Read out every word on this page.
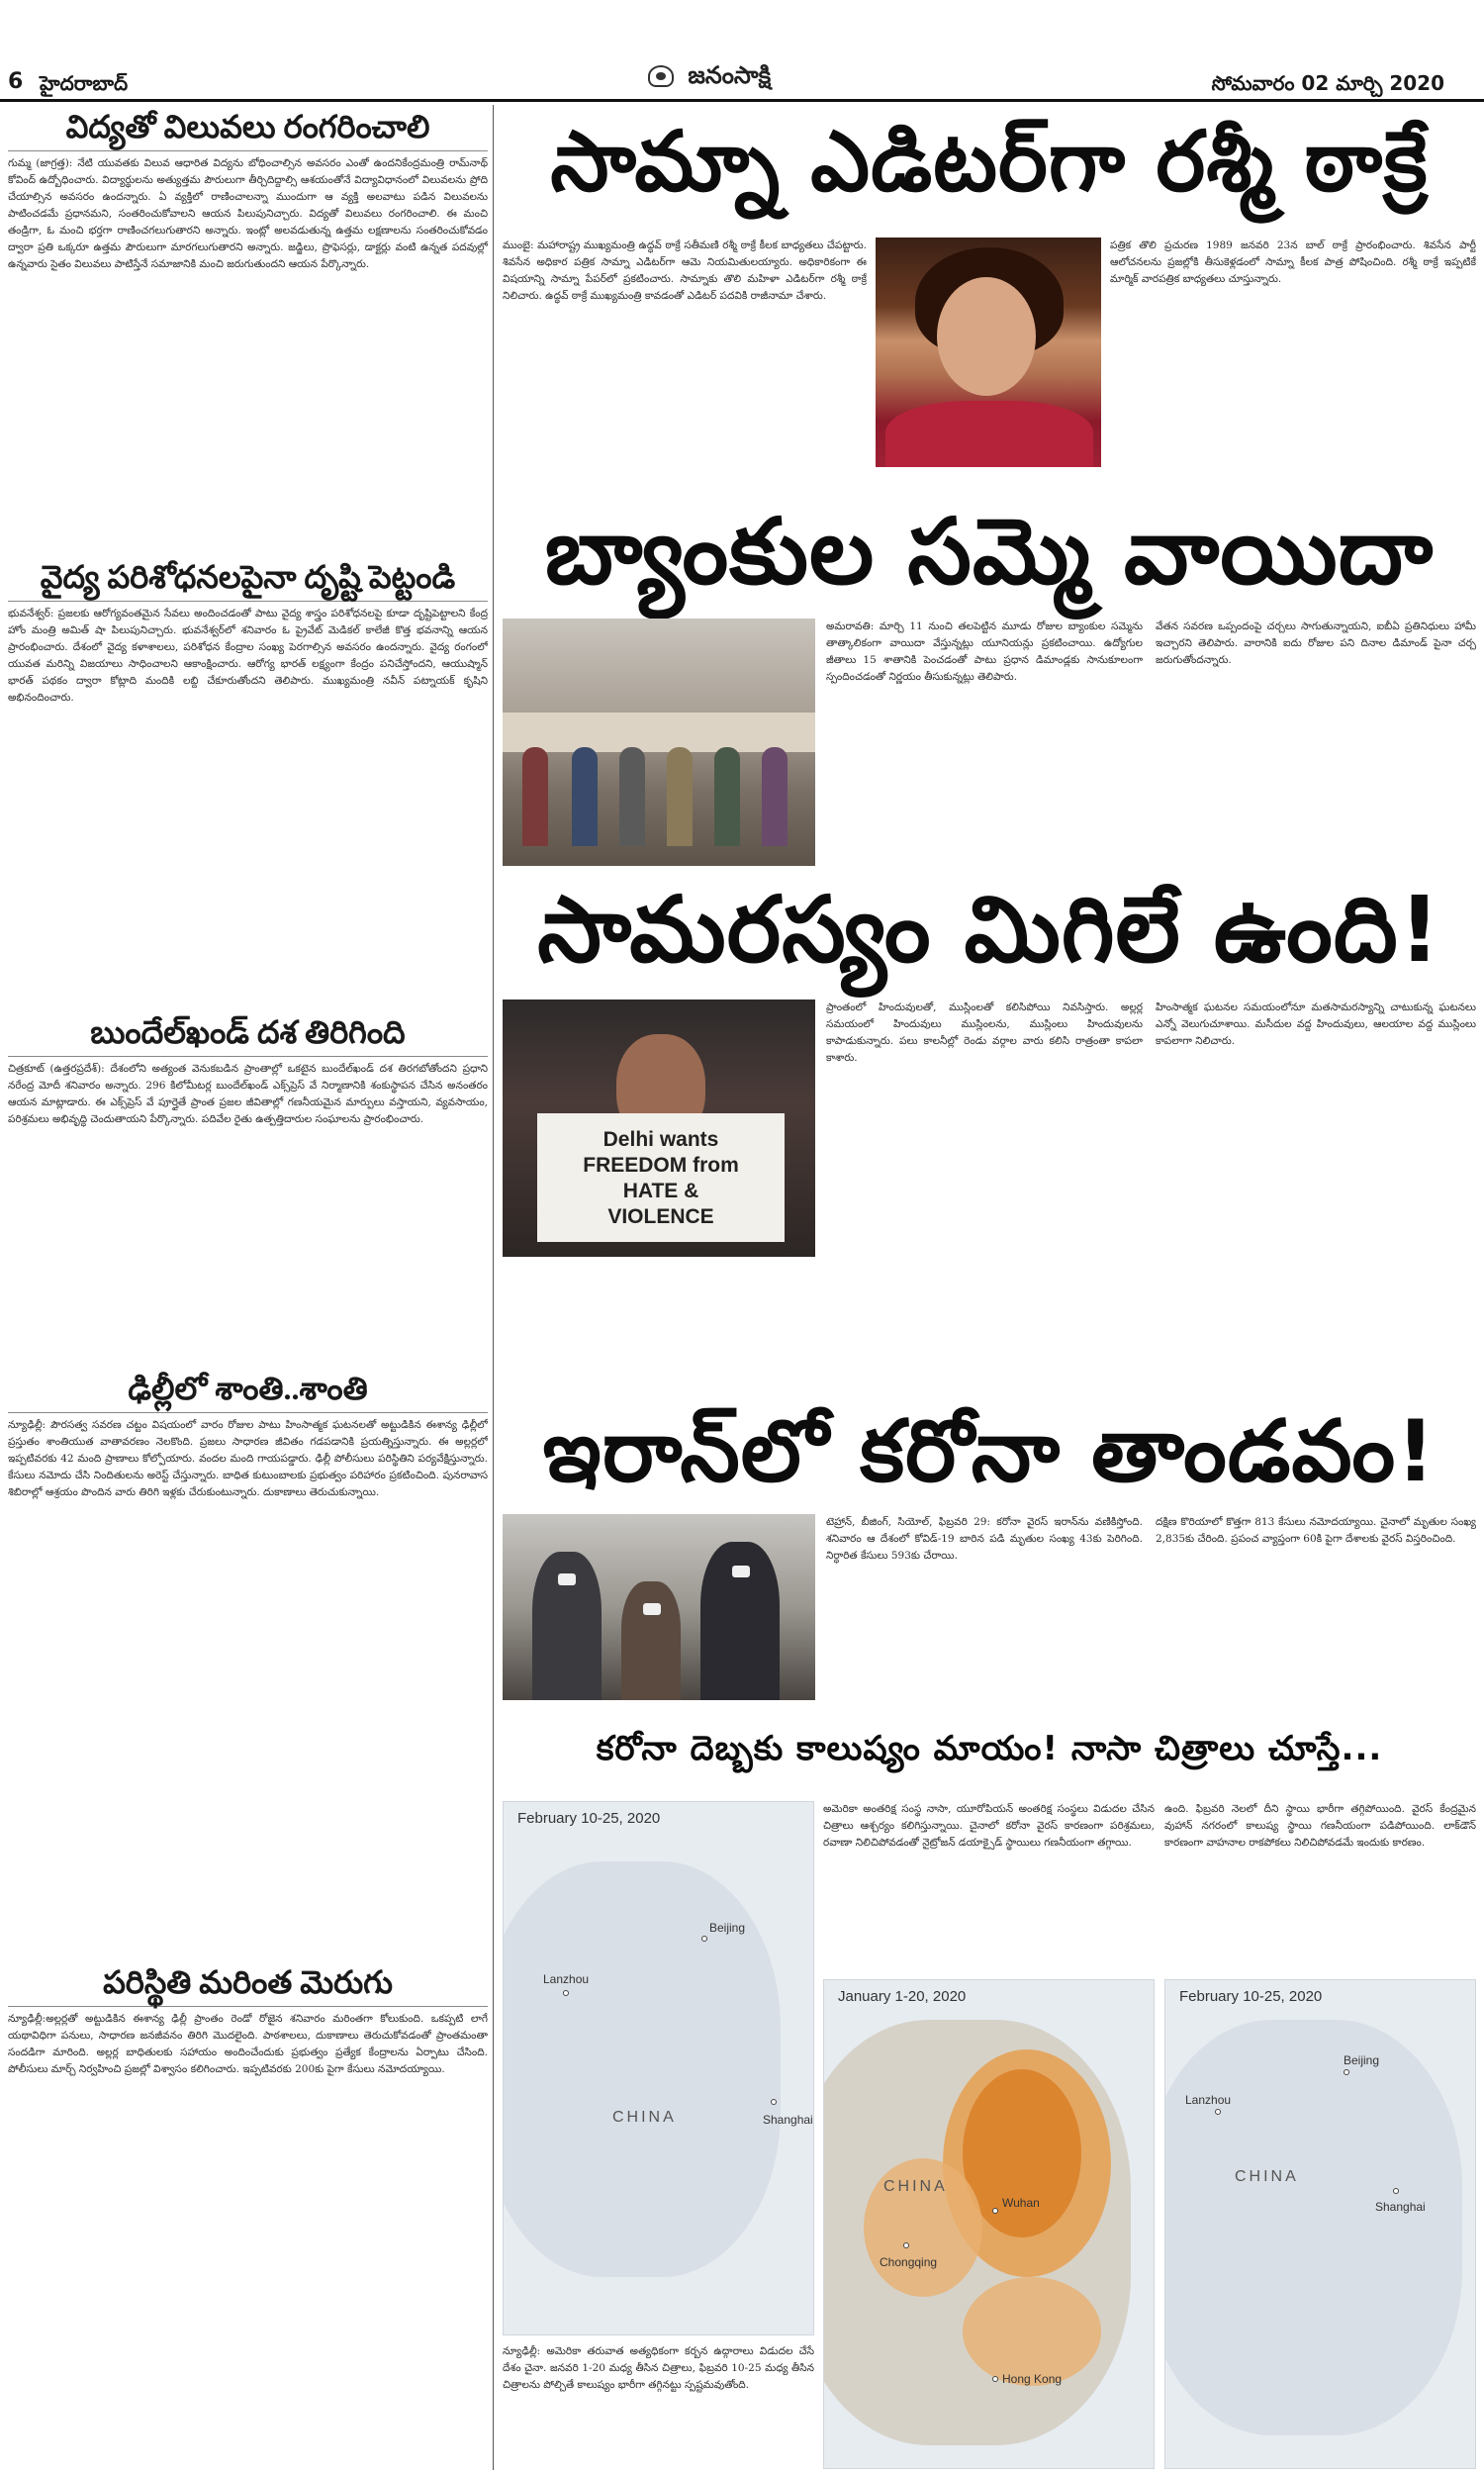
6 హైదరాబాద్	జనంసాక్షి	సోమవారం 02 మార్చి 2020
విద్యతో విలువలు రంగరించాలి

గుమ్మ (జాగ్రత్త): నేటి యువతకు విలువ ఆధారిత విద్యను బోధించాల్సిన అవసరం ఎంతో ఉందనికేంద్రమంత్రి రామ్‌నాథ్ కోవింద్ ఉద్బోధించారు. విద్యార్థులను అత్యుత్తమ పౌరులుగా తీర్చిదిద్దాల్సి ఆశయంతోనే విద్యావిధానంలో విలువలను ప్రోది చేయాల్సిన అవసరం ఉందన్నారు. ఏ వ్యక్తిలో రాణించాలన్నా ముందుగా ఆ వ్యక్తి అలవాటు పడిన విలువలను పాటించడమే ప్రధానమని, సంతరించుకోవాలని ఆయన పిలుపునిచ్చారు. విద్యతో విలువలు రంగరించాలి. ఈ మంచి తండ్రిగా, ఓ మంచి భర్తగా రాణించగలుగుతారని అన్నారు. ఇంట్లో అలవడుతున్న ఉత్తమ లక్షణాలను సంతరించుకోవడం ద్వారా ప్రతి ఒక్కరూ ఉత్తమ పౌరులుగా మారగలుగుతారని అన్నారు. జడ్జిలు, ప్రొఫెసర్లు, డాక్టర్లు వంటి ఉన్నత పదవుల్లో ఉన్నవారు సైతం విలువలు పాటిస్తేనే సమాజానికి మంచి జరుగుతుందని ఆయన పేర్కొన్నారు.

వైద్య పరిశోధనలపైనా దృష్టి పెట్టండి

భువనేశ్వర్‌: ప్రజలకు ఆరోగ్యవంతమైన సేవలు అందించడంతో పాటు వైద్య శాస్త్రం పరిశోధనలపై కూడా దృష్టిపెట్టాలని కేంద్ర హోం మంత్రి అమిత్‌ షా పిలుపునిచ్చారు. భువనేశ్వర్‌లో శనివారం ఓ ప్రైవేట్‌ మెడికల్‌ కాలేజీ కొత్త భవనాన్ని ఆయన ప్రారంభించారు. దేశంలో వైద్య కళాశాలలు, పరిశోధన కేంద్రాల సంఖ్య పెరగాల్సిన అవసరం ఉందన్నారు. వైద్య రంగంలో యువత మరిన్ని విజయాలు సాధించాలని ఆకాంక్షించారు. ఆరోగ్య భారత్‌ లక్ష్యంగా కేంద్రం పనిచేస్తోందని, ఆయుష్మాన్‌ భారత్‌ పథకం ద్వారా కోట్లాది మందికి లబ్ది చేకూరుతోందని తెలిపారు. ముఖ్యమంత్రి నవీన్‌ పట్నాయక్‌ కృషిని అభినందించారు.

బుందేల్‌ఖండ్‌ దశ తిరిగింది

చిత్రకూట్‌ (ఉత్తరప్రదేశ్‌): దేశంలోని అత్యంత వెనుకబడిన ప్రాంతాల్లో ఒకటైన బుందేల్‌ఖండ్‌ దశ తిరగబోతోందని ప్రధాని నరేంద్ర మోదీ శనివారం అన్నారు. 296 కిలోమీటర్ల బుందేల్‌ఖండ్‌ ఎక్స్‌ప్రెస్‌ వే నిర్మాణానికి శంకుస్థాపన చేసిన అనంతరం ఆయన మాట్లాడారు. ఈ ఎక్స్‌ప్రెస్‌ వే పూర్తైతే ప్రాంత ప్రజల జీవితాల్లో గణనీయమైన మార్పులు వస్తాయని, వ్యవసాయం, పరిశ్రమలు అభివృద్ధి చెందుతాయని పేర్కొన్నారు. పదివేల రైతు ఉత్పత్తిదారుల సంఘాలను ప్రారంభించారు.

ఢిల్లీలో శాంతి..శాంతి

న్యూఢిల్లీ: పౌరసత్వ సవరణ చట్టం విషయంలో వారం రోజుల పాటు హింసాత్మక ఘటనలతో అట్టుడికిన ఈశాన్య ఢిల్లీలో ప్రస్తుతం శాంతియుత వాతావరణం నెలకొంది. ప్రజలు సాధారణ జీవితం గడపడానికి ప్రయత్నిస్తున్నారు. ఈ అల్లర్లలో ఇప్పటివరకు 42 మంది ప్రాణాలు కోల్పోయారు. వందల మంది గాయపడ్డారు. ఢిల్లీ పోలీసులు పరిస్థితిని పర్యవేక్షిస్తున్నారు. కేసులు నమోదు చేసి నిందితులను అరెస్ట్‌ చేస్తున్నారు. బాధిత కుటుంబాలకు ప్రభుత్వం పరిహారం ప్రకటించింది. పునరావాస శిబిరాల్లో ఆశ్రయం పొందిన వారు తిరిగి ఇళ్లకు చేరుకుంటున్నారు. దుకాణాలు తెరుచుకున్నాయి.

పరిస్థితి మరింత మెరుగు

న్యూఢిల్లీ:అల్లర్లతో అట్టుడికిన ఈశాన్య ఢిల్లీ ప్రాంతం రెండో రోజైన శనివారం మరింతగా కోలుకుంది. ఒకప్పటి లాగే యథావిధిగా పనులు, సాధారణ జనజీవనం తిరిగి మొదలైంది. పాఠశాలలు, దుకాణాలు తెరుచుకోవడంతో ప్రాంతమంతా సందడిగా మారింది. అల్లర్ల బాధితులకు సహాయం అందించేందుకు ప్రభుత్వం ప్రత్యేక కేంద్రాలను ఏర్పాటు చేసింది. పోలీసులు మార్చ్‌ నిర్వహించి ప్రజల్లో విశ్వాసం కలిగించారు. ఇప్పటివరకు 200కు పైగా కేసులు నమోదయ్యాయి.

సామ్నా ఎడిటర్‌గా రశ్మీ ఠాక్రే

ముంబై: మహారాష్ట్ర ముఖ్యమంత్రి ఉద్ధవ్‌ ఠాక్రే సతీమణి రశ్మీ ఠాక్రే కీలక బాధ్యతలు చేపట్టారు. శివసేన అధికార పత్రిక సామ్నా ఎడిటర్‌గా ఆమె నియమితులయ్యారు. అధికారికంగా ఈ విషయాన్ని సామ్నా పేపర్‌లో ప్రకటించారు. సామ్నాకు తొలి మహిళా ఎడిటర్‌గా రశ్మీ ఠాక్రే నిలిచారు. ఉద్ధవ్‌ ఠాక్రే ముఖ్యమంత్రి కావడంతో ఎడిటర్‌ పదవికి రాజీనామా చేశారు.

పత్రిక తొలి ప్రచురణ 1989 జనవరి 23న బాల్‌ ఠాక్రే ప్రారంభించారు. శివసేన పార్టీ ఆలోచనలను ప్రజల్లోకి తీసుకెళ్లడంలో సామ్నా కీలక పాత్ర పోషించింది. రశ్మీ ఠాక్రే ఇప్పటికే మార్మిక్‌ వారపత్రిక బాధ్యతలు చూస్తున్నారు.

బ్యాంకుల సమ్మె వాయిదా

అమరావతి: మార్చి 11 నుంచి తలపెట్టిన మూడు రోజుల బ్యాంకుల సమ్మెను తాత్కాలికంగా వాయిదా వేస్తున్నట్లు యూనియన్లు ప్రకటించాయి. ఉద్యోగుల జీతాలు 15 శాతానికి పెంచడంతో పాటు ప్రధాన డిమాండ్లకు సానుకూలంగా స్పందించడంతో నిర్ణయం తీసుకున్నట్లు తెలిపారు.

వేతన సవరణ ఒప్పందంపై చర్చలు సాగుతున్నాయని, ఐబీఏ ప్రతినిధులు హామీ ఇచ్చారని తెలిపారు. వారానికి ఐదు రోజుల పని దినాల డిమాండ్‌ పైనా చర్చ జరుగుతోందన్నారు.

సామరస్యం మిగిలే ఉంది!
Delhi wants
FREEDOM from
HATE &
VIOLENCE

ప్రాంతంలో హిందువులతో, ముస్లింలతో కలిసిపోయి నివసిస్తారు. అల్లర్ల సమయంలో హిందువులు ముస్లింలను, ముస్లింలు హిందువులను కాపాడుకున్నారు. పలు కాలనీల్లో రెండు వర్గాల వారు కలిసి రాత్రంతా కాపలా కాశారు.

హింసాత్మక ఘటనల సమయంలోనూ మతసామరస్యాన్ని చాటుకున్న ఘటనలు ఎన్నో వెలుగుచూశాయి. మసీదుల వద్ద హిందువులు, ఆలయాల వద్ద ముస్లింలు కాపలాగా నిలిచారు.

ఇరాన్‌లో కరోనా తాండవం!

టెహ్రాన్, బీజింగ్, సియోల్, ఫిబ్రవరి 29: కరోనా వైరస్‌ ఇరాన్‌ను వణికిస్తోంది. శనివారం ఆ దేశంలో కోవిడ్‌-19 బారిన పడి మృతుల సంఖ్య 43కు పెరిగింది. నిర్ధారిత కేసులు 593కు చేరాయి.

దక్షిణ కొరియాలో కొత్తగా 813 కేసులు నమోదయ్యాయి. చైనాలో మృతుల సంఖ్య 2,835కు చేరింది. ప్రపంచ వ్యాప్తంగా 60కి పైగా దేశాలకు వైరస్‌ విస్తరించింది.

కరోనా దెబ్బకు కాలుష్యం మాయం! నాసా చిత్రాలు చూస్తే...

అమెరికా అంతరిక్ష సంస్థ నాసా, యూరోపియన్‌ అంతరిక్ష సంస్థలు విడుదల చేసిన చిత్రాలు ఆశ్చర్యం కలిగిస్తున్నాయి. చైనాలో కరోనా వైరస్‌ కారణంగా పరిశ్రమలు, రవాణా నిలిచిపోవడంతో నైట్రోజన్‌ డయాక్సైడ్‌ స్థాయిలు గణనీయంగా తగ్గాయి.

ఉంది. ఫిబ్రవరి నెలలో దీని స్థాయి భారీగా తగ్గిపోయింది. వైరస్‌ కేంద్రమైన వుహాన్‌ నగరంలో కాలుష్య స్థాయి గణనీయంగా పడిపోయింది. లాక్‌డౌన్‌ కారణంగా వాహనాల రాకపోకలు నిలిచిపోవడమే ఇందుకు కారణం.

న్యూఢిల్లీ: అమెరికా తరువాత అత్యధికంగా కర్బన ఉద్గారాలు విడుదల చేసే దేశం చైనా. జనవరి 1-20 మధ్య తీసిన చిత్రాలు, ఫిబ్రవరి 10-25 మధ్య తీసిన చిత్రాలను పోల్చితే కాలుష్యం భారీగా తగ్గినట్టు స్పష్టమవుతోంది.

February 10-25, 2020
CHINA
Beijing
Lanzhou
Shanghai
January 1-20, 2020
CHINA
Chongqing
Wuhan
Hong Kong
February 10-25, 2020
CHINA
Beijing
Lanzhou
Shanghai
